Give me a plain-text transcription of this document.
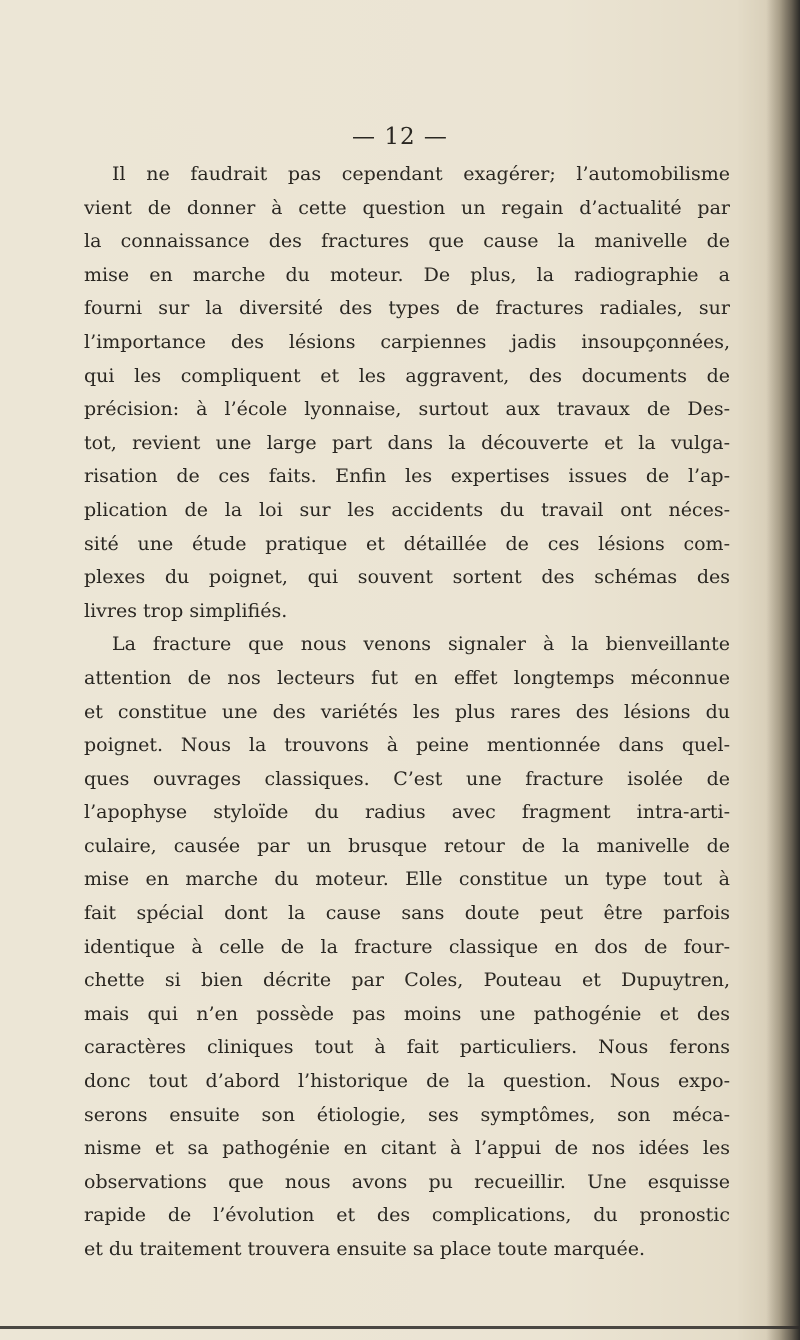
— 12 —
Il ne faudrait pas cependant exagérer; l’automobilisme
vient de donner à cette question un regain d’actualité par
la connaissance des fractures que cause la manivelle de
mise en marche du moteur. De plus, la radiographie a
fourni sur la diversité des types de fractures radiales, sur
l’importance des lésions carpiennes jadis insoupçonnées,
qui les compliquent et les aggravent, des documents de
précision: à l’école lyonnaise, surtout aux travaux de Des-
tot, revient une large part dans la découverte et la vulga-
risation de ces faits. Enfin les expertises issues de l’ap-
plication de la loi sur les accidents du travail ont néces-
sité une étude pratique et détaillée de ces lésions com-
plexes du poignet, qui souvent sortent des schémas des
livres trop simplifiés.
La fracture que nous venons signaler à la bienveillante
attention de nos lecteurs fut en effet longtemps méconnue
et constitue une des variétés les plus rares des lésions du
poignet. Nous la trouvons à peine mentionnée dans quel-
ques ouvrages classiques. C’est une fracture isolée de
l’apophyse styloïde du radius avec fragment intra-arti-
culaire, causée par un brusque retour de la manivelle de
mise en marche du moteur. Elle constitue un type tout à
fait spécial dont la cause sans doute peut être parfois
identique à celle de la fracture classique en dos de four-
chette si bien décrite par Coles, Pouteau et Dupuytren,
mais qui n’en possède pas moins une pathogénie et des
caractères cliniques tout à fait particuliers. Nous ferons
donc tout d’abord l’historique de la question. Nous expo-
serons ensuite son étiologie, ses symptômes, son méca-
nisme et sa pathogénie en citant à l’appui de nos idées les
observations que nous avons pu recueillir. Une esquisse
rapide de l’évolution et des complications, du pronostic
et du traitement trouvera ensuite sa place toute marquée.
